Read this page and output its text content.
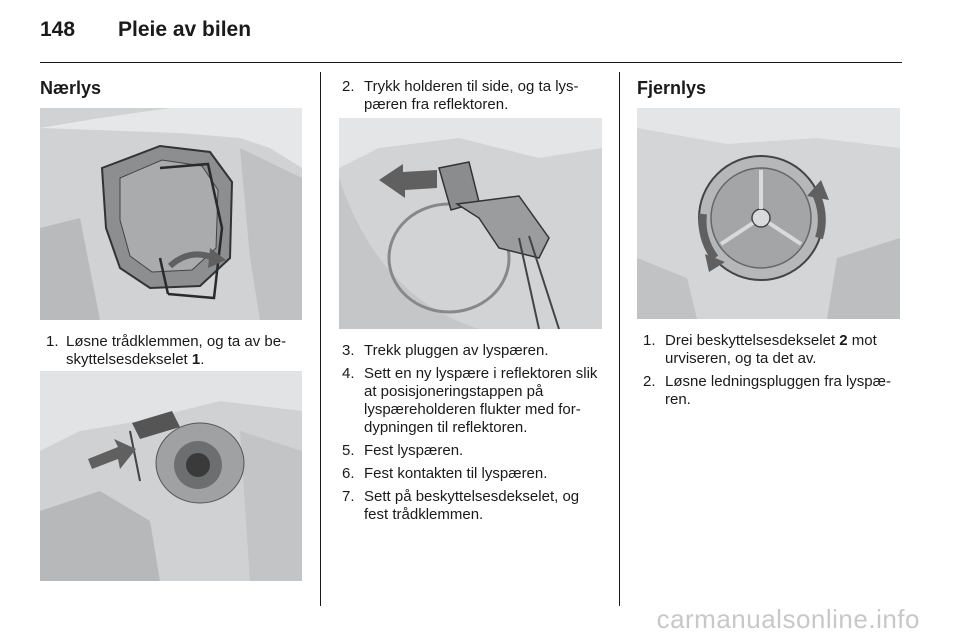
148 Pleie av bilen
Nærlys
1. Løsne trådklemmen, og ta av be-skyttelsesdekselet 1.
2. Trykk holderen til side, og ta lys-pæren fra reflektoren.
3. Trekk pluggen av lyspæren.
4. Sett en ny lyspære i reflektoren slik at posisjoneringstappen på lyspæreholderen flukter med for-dypningen til reflektoren.
5. Fest lyspæren.
6. Fest kontakten til lyspæren.
7. Sett på beskyttelsesdekselet, og fest trådklemmen.
Fjernlys
1. Drei beskyttelsesdekselet 2 mot urviseren, og ta det av.
2. Løsne ledningspluggen fra lyspæ-ren.
carmanualsonline.info
